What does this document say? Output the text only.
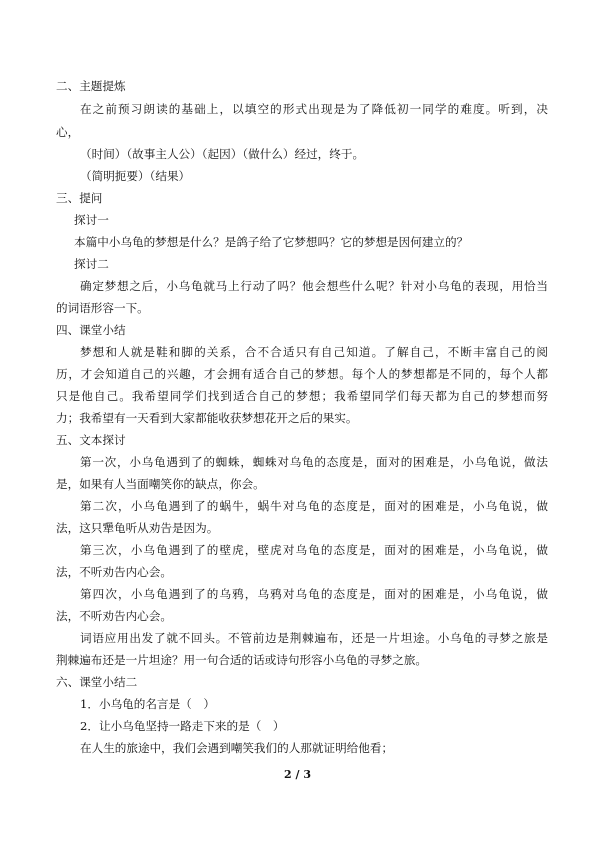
二、主题提炼
在之前预习朗读的基础上，以填空的形式出现是为了降低初一同学的难度。听到，决
心，
（时间）（故事主人公）（起因）（做什么）经过，终于。
（简明扼要）（结果）
三、提问
探讨一
本篇中小乌龟的梦想是什么？是鸽子给了它梦想吗？它的梦想是因何建立的？
探讨二
确定梦想之后，小乌龟就马上行动了吗？他会想些什么呢？针对小乌龟的表现，用恰当
的词语形容一下。
四、课堂小结
梦想和人就是鞋和脚的关系，合不合适只有自己知道。了解自己，不断丰富自己的阅
历，才会知道自己的兴趣，才会拥有适合自己的梦想。每个人的梦想都是不同的，每个人都
只是他自己。我希望同学们找到适合自己的梦想；我希望同学们每天都为自己的梦想而努
力；我希望有一天看到大家都能收获梦想花开之后的果实。
五、文本探讨
第一次，小乌龟遇到了的蜘蛛，蜘蛛对乌龟的态度是，面对的困难是，小乌龟说，做法
是，如果有人当面嘲笑你的缺点，你会。
第二次，小乌龟遇到了的蜗牛，蜗牛对乌龟的态度是，面对的困难是，小乌龟说，做
法，这只犟龟听从劝告是因为。
第三次，小乌龟遇到了的壁虎，壁虎对乌龟的态度是，面对的困难是，小乌龟说，做
法，不听劝告内心会。
第四次，小乌龟遇到了的乌鸦，乌鸦对乌龟的态度是，面对的困难是，小乌龟说，做
法，不听劝告内心会。
词语应用出发了就不回头。不管前边是荆棘遍布，还是一片坦途。小乌龟的寻梦之旅是
荆棘遍布还是一片坦途？用一句合适的话或诗句形容小乌龟的寻梦之旅。
六、课堂小结二
1．小乌龟的名言是（　）
2．让小乌龟坚持一路走下来的是（　）
在人生的旅途中，我们会遇到嘲笑我们的人那就证明给他看；
2 / 3
